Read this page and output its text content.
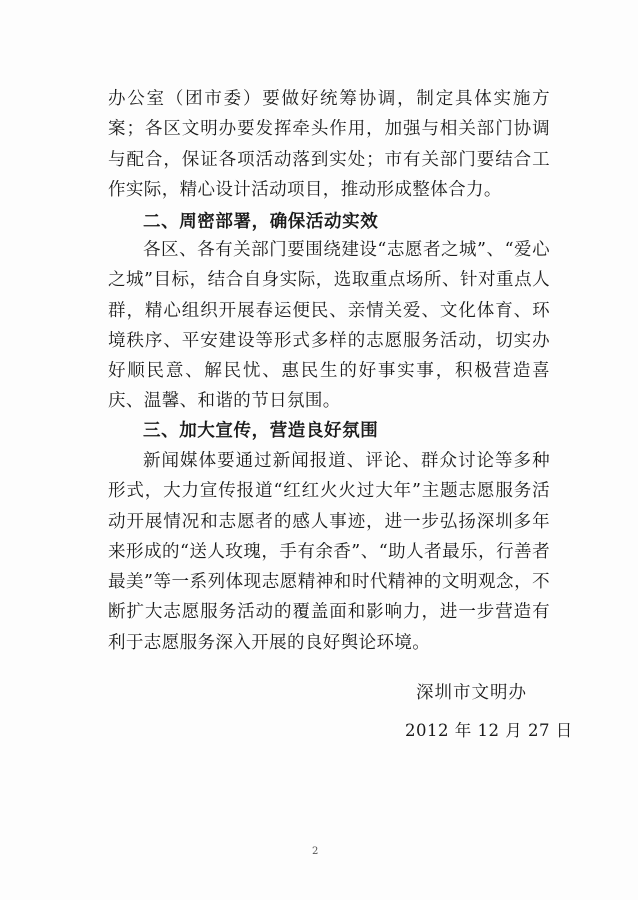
办公室（团市委）要做好统筹协调，制定具体实施方案；各区文明办要发挥牵头作用，加强与相关部门协调与配合，保证各项活动落到实处；市有关部门要结合工作实际，精心设计活动项目，推动形成整体合力。

二、周密部署，确保活动实效

各区、各有关部门要围绕建设“志愿者之城”、“爱心之城”目标，结合自身实际，选取重点场所、针对重点人群，精心组织开展春运便民、亲情关爱、文化体育、环境秩序、平安建设等形式多样的志愿服务活动，切实办好顺民意、解民忧、惠民生的好事实事，积极营造喜庆、温馨、和谐的节日氛围。

三、加大宣传，营造良好氛围

新闻媒体要通过新闻报道、评论、群众讨论等多种形式，大力宣传报道“红红火火过大年”主题志愿服务活动开展情况和志愿者的感人事迹，进一步弘扬深圳多年来形成的“送人玫瑰，手有余香”、“助人者最乐，行善者最美”等一系列体现志愿精神和时代精神的文明观念，不断扩大志愿服务活动的覆盖面和影响力，进一步营造有利于志愿服务深入开展的良好舆论环境。

深圳市文明办
2012 年 12 月 27 日
2
